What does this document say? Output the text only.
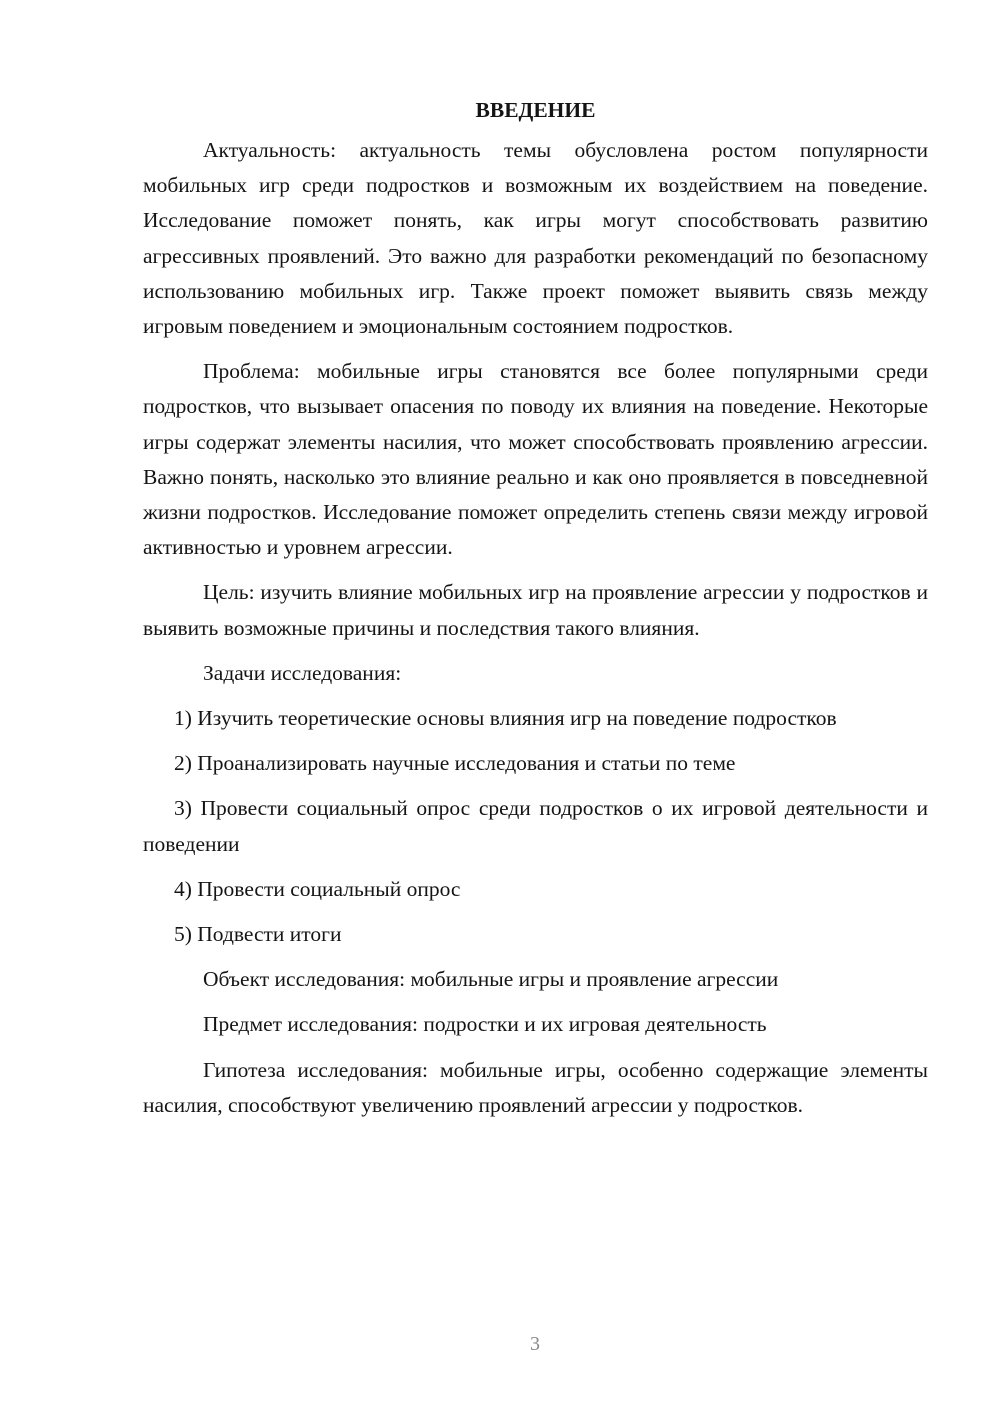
ВВЕДЕНИЕ

Актуальность: актуальность темы обусловлена ростом популярности мобильных игр среди подростков и возможным их воздействием на поведение. Исследование поможет понять, как игры могут способствовать развитию агрессивных проявлений. Это важно для разработки рекомендаций по безопасному использованию мобильных игр. Также проект поможет выявить связь между игровым поведением и эмоциональным состоянием подростков.

Проблема: мобильные игры становятся все более популярными среди подростков, что вызывает опасения по поводу их влияния на поведение. Некоторые игры содержат элементы насилия, что может способствовать проявлению агрессии. Важно понять, насколько это влияние реально и как оно проявляется в повседневной жизни подростков. Исследование поможет определить степень связи между игровой активностью и уровнем агрессии.

Цель: изучить влияние мобильных игр на проявление агрессии у подростков и выявить возможные причины и последствия такого влияния.

Задачи исследования:

1) Изучить теоретические основы влияния игр на поведение подростков

2) Проанализировать научные исследования и статьи по теме

3) Провести социальный опрос среди подростков о их игровой деятельности и поведении

4) Провести социальный опрос

5) Подвести итоги

Объект исследования: мобильные игры и проявление агрессии

Предмет исследования: подростки и их игровая деятельность

Гипотеза исследования: мобильные игры, особенно содержащие элементы насилия, способствуют увеличению проявлений агрессии у подростков.

3
